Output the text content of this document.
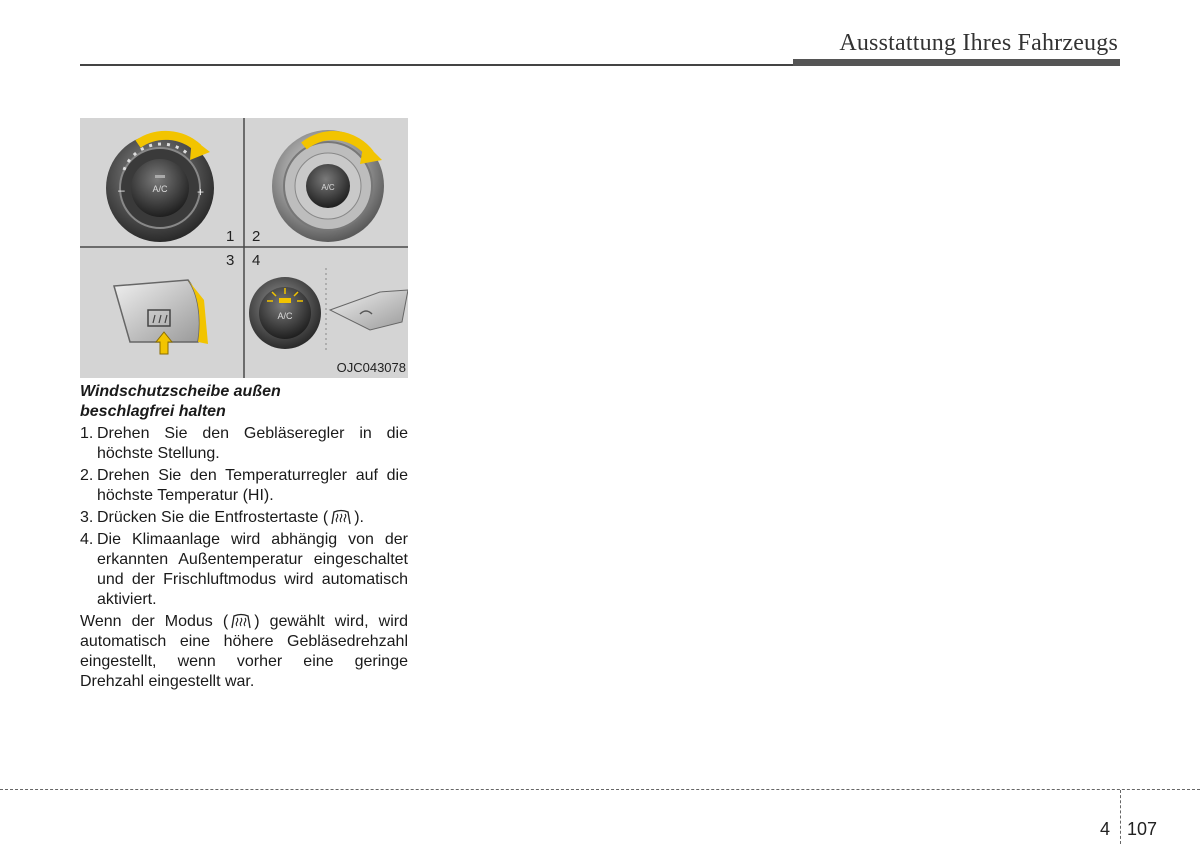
Ausstattung Ihres Fahrzeugs
A/C
–	+	A/C
A/C
1 2
3 4
OJC043078

Windschutzscheibe außen
beschlagfrei halten

1. Drehen Sie den Gebläseregler in die höchste Stellung.
2. Drehen Sie den Temperaturregler auf die höchste Temperatur (HI).
3. Drücken Sie die Entfrostertaste ( ).
4. Die Klimaanlage wird abhängig von der erkannten Außentemperatur eingeschaltet und der Frischluftmodus wird automatisch aktiviert.

Wenn der Modus ( ) gewählt wird, wird automatisch eine höhere Gebläsedrehzahl eingestellt, wenn vorher eine geringe Drehzahl eingestellt war.

4 107
